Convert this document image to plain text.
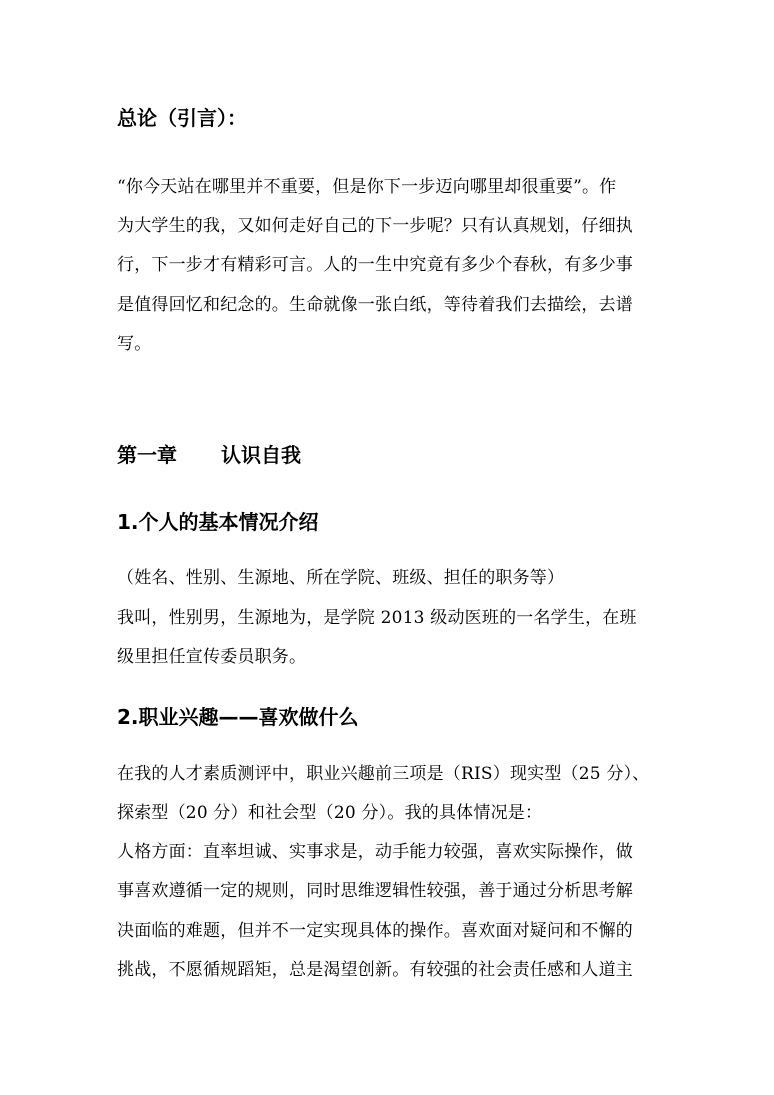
总论（引言）：

“你今天站在哪里并不重要，但是你下一步迈向哪里却很重要”。作

为大学生的我，又如何走好自己的下一步呢？只有认真规划，仔细执

行，下一步才有精彩可言。人的一生中究竟有多少个春秋，有多少事

是值得回忆和纪念的。生命就像一张白纸，等待着我们去描绘，去谱

写。

第一章 认识自我

1.个人的基本情况介绍

（姓名、性别、生源地、所在学院、班级、担任的职务等）

我叫，性别男，生源地为，是学院 2013 级动医班的一名学生，在班

级里担任宣传委员职务。

2.职业兴趣——喜欢做什么

在我的人才素质测评中，职业兴趣前三项是（RIS）现实型（25 分）、

探索型（20 分）和社会型（20 分）。我的具体情况是：

人格方面：直率坦诚、实事求是，动手能力较强，喜欢实际操作，做

事喜欢遵循一定的规则，同时思维逻辑性较强，善于通过分析思考解

决面临的难题，但并不一定实现具体的操作。喜欢面对疑问和不懈的

挑战，不愿循规蹈矩，总是渴望创新。有较强的社会责任感和人道主
